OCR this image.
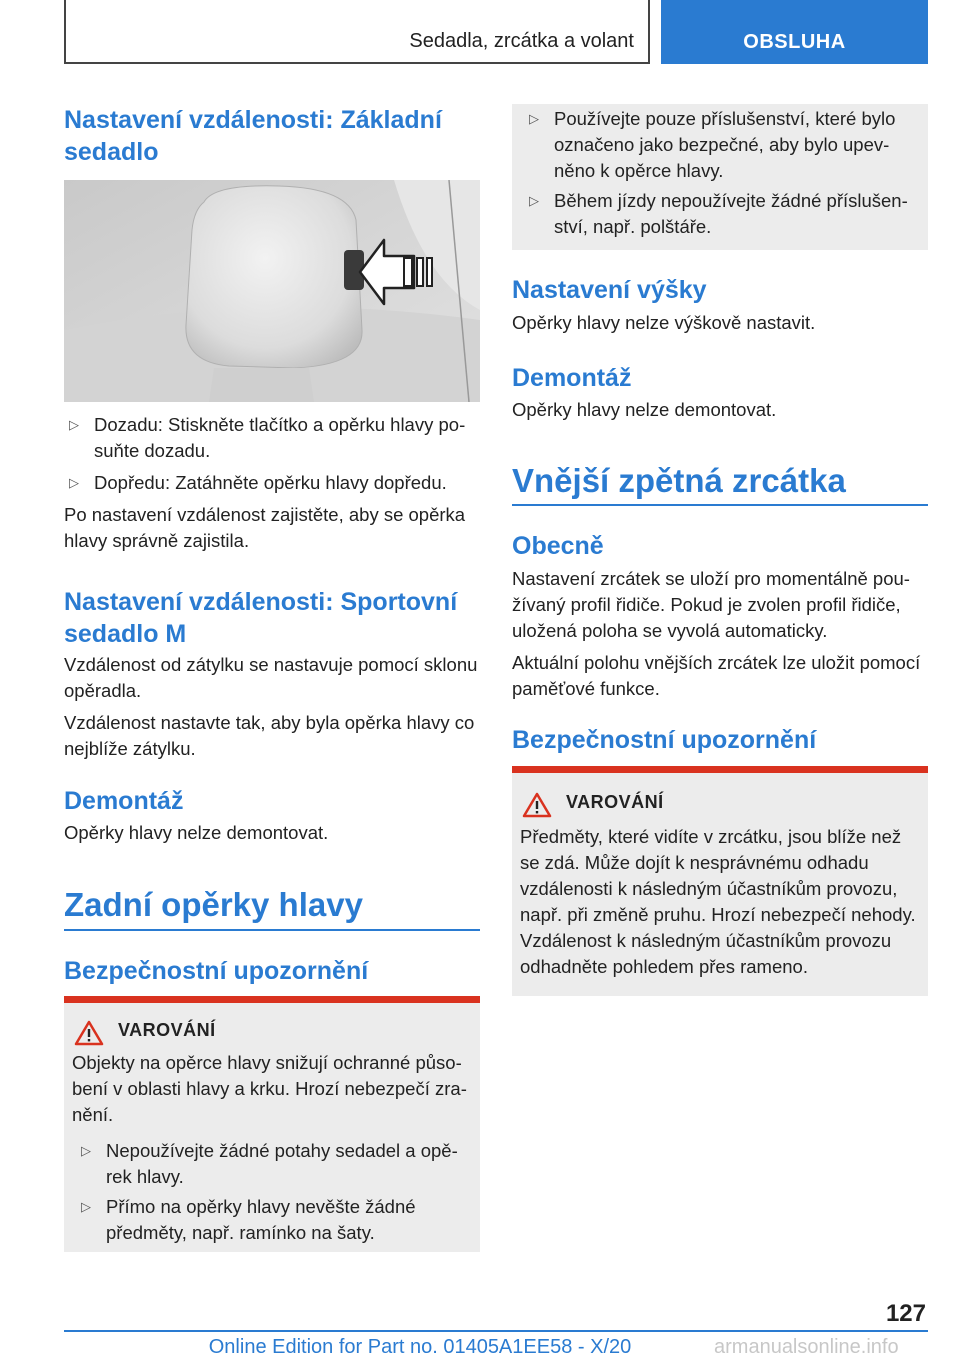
Sedadla, zrcátka a volant	OBSLUHA
Nastavení vzdálenosti: Základní sedadlo
▷ Dozadu: Stiskněte tlačítko a opěrku hlavy posuňte dozadu.
▷ Dopředu: Zatáhněte opěrku hlavy dopředu.

Po nastavení vzdálenost zajistěte, aby se opěrka hlavy správně zajistila.

Nastavení vzdálenosti: Sportovní sedadlo M

Vzdálenost od zátylku se nastavuje pomocí sklonu opěradla.

Vzdálenost nastavte tak, aby byla opěrka hlavy co nejblíže zátylku.

Demontáž

Opěrky hlavy nelze demontovat.

Zadní opěrky hlavy
Bezpečnostní upozornění
VAROVÁNÍ

Objekty na opěrce hlavy snižují ochranné působení v oblasti hlavy a krku. Hrozí nebezpečí zranění.

▷ Nepoužívejte žádné potahy sedadel a opěrek hlavy.
▷ Přímo na opěrky hlavy nevěšte žádné předměty, např. ramínko na šaty.
▷ Používejte pouze příslušenství, které bylo označeno jako bezpečné, aby bylo upevněno k opěrce hlavy.
▷ Během jízdy nepoužívejte žádné příslušenství, např. polštáře.
Nastavení výšky

Opěrky hlavy nelze výškově nastavit.

Demontáž

Opěrky hlavy nelze demontovat.

Vnější zpětná zrcátka
Obecně

Nastavení zrcátek se uloží pro momentálně používaný profil řidiče. Pokud je zvolen profil řidiče, uložená poloha se vyvolá automaticky.

Aktuální polohu vnějších zrcátek lze uložit pomocí paměťové funkce.

Bezpečnostní upozornění
VAROVÁNÍ

Předměty, které vidíte v zrcátku, jsou blíže než se zdá. Může dojít k nesprávnému odhadu vzdálenosti k následným účastníkům provozu, např. při změně pruhu. Hrozí nebezpečí nehody. Vzdálenost k následným účastníkům provozu odhadněte pohledem přes rameno.

127
Online Edition for Part no. 01405A1EE58 - X/20	armanualsonline.info
